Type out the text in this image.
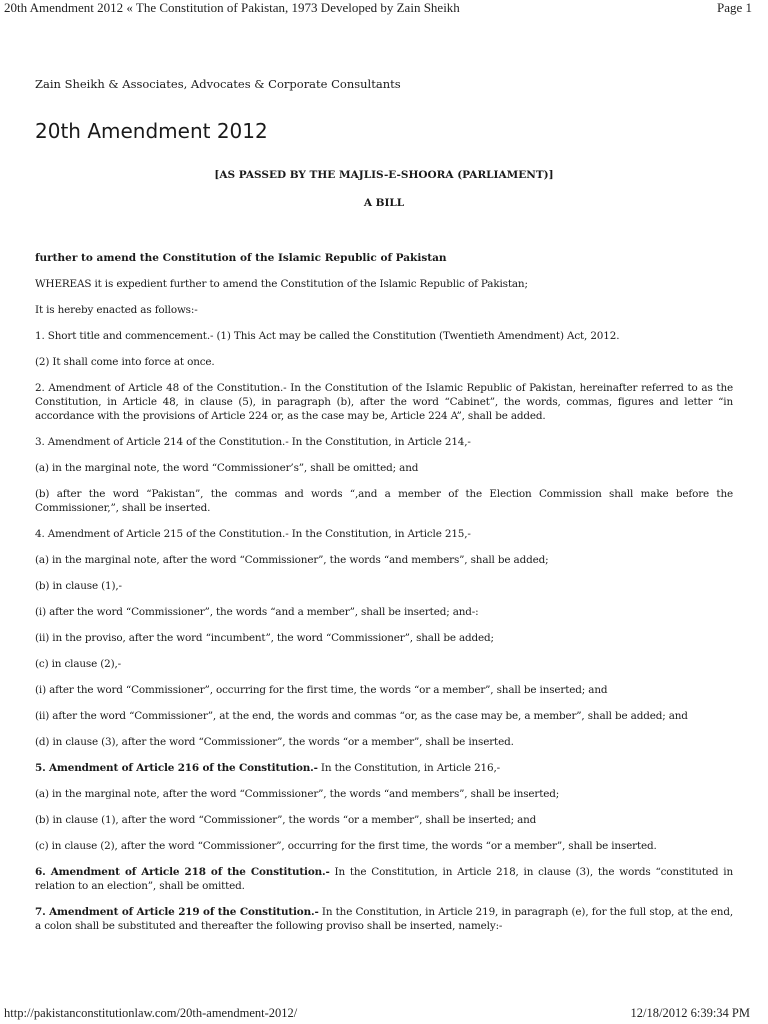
20th Amendment 2012 « The Constitution of Pakistan, 1973 Developed by Zain Sheikh	Page 1

Zain Sheikh & Associates, Advocates & Corporate Consultants

20th Amendment 2012

[AS PASSED BY THE MAJLIS-E-SHOORA (PARLIAMENT)]

A BILL

further to amend the Constitution of the Islamic Republic of Pakistan

WHEREAS it is expedient further to amend the Constitution of the Islamic Republic of Pakistan;

It is hereby enacted as follows:-

1. Short title and commencement.- (1) This Act may be called the Constitution (Twentieth Amendment) Act, 2012.

(2) It shall come into force at once.

2. Amendment of Article 48 of the Constitution.- In the Constitution of the Islamic Republic of Pakistan, hereinafter referred to as the Constitution, in Article 48, in clause (5), in paragraph (b), after the word “Cabinet”, the words, commas, figures and letter “in accordance with the provisions of Article 224 or, as the case may be, Article 224 A”, shall be added.

3. Amendment of Article 214 of the Constitution.- In the Constitution, in Article 214,-

(a) in the marginal note, the word “Commissioner’s”, shall be omitted; and

(b) after the word “Pakistan”, the commas and words “,and a member of the Election Commission shall make before the Commissioner,”, shall be inserted.

4. Amendment of Article 215 of the Constitution.- In the Constitution, in Article 215,-

(a) in the marginal note, after the word “Commissioner”, the words “and members”, shall be added;

(b) in clause (1),-

(i) after the word “Commissioner”, the words “and a member”, shall be inserted; and-:

(ii) in the proviso, after the word “incumbent”, the word “Commissioner”, shall be added;

(c) in clause (2),-

(i) after the word “Commissioner”, occurring for the first time, the words “or a member”, shall be inserted; and

(ii) after the word “Commissioner”, at the end, the words and commas “or, as the case may be, a member”, shall be added; and

(d) in clause (3), after the word “Commissioner”, the words “or a member”, shall be inserted.

5. Amendment of Article 216 of the Constitution.- In the Constitution, in Article 216,-

(a) in the marginal note, after the word “Commissioner”, the words “and members”, shall be inserted;

(b) in clause (1), after the word “Commissioner”, the words “or a member”, shall be inserted; and

(c) in clause (2), after the word “Commissioner”, occurring for the first time, the words “or a member”, shall be inserted.

6. Amendment of Article 218 of the Constitution.- In the Constitution, in Article 218, in clause (3), the words “constituted in relation to an election”, shall be omitted.

7. Amendment of Article 219 of the Constitution.- In the Constitution, in Article 219, in paragraph (e), for the full stop, at the end, a colon shall be substituted and thereafter the following proviso shall be inserted, namely:-

http://pakistanconstitutionlaw.com/20th-amendment-2012/	12/18/2012 6:39:34 PM
